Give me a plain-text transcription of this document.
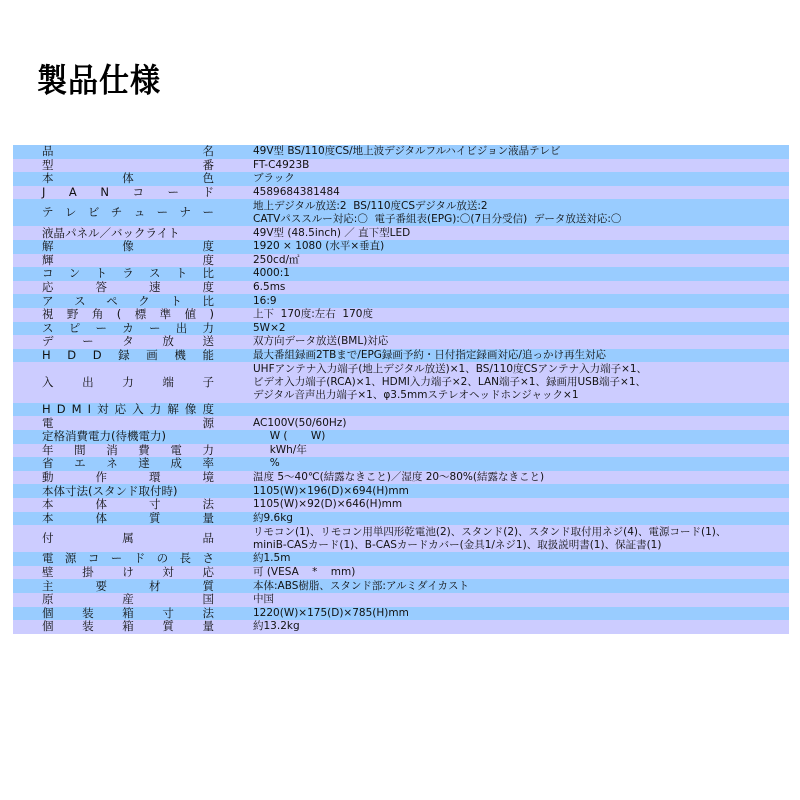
製品仕様
品	名	49V型 BS/110度CS/地上波デジタルフルハイビジョン液晶テレビ
型	番	FT-C4923B
本	体	色	ブラック
J A N コ ー ド	4589684381484
テ レ ビ チ ュ ー ナ ー	地上デジタル放送:2  BS/110度CSデジタル放送:2
CATVパススルー対応:〇  電子番組表(EPG):〇(7日分受信)  データ放送対応:〇
液晶パネル／バックライト	49V型 (48.5inch) ／ 直下型LED
解	像	度	1920 × 1080 (水平×垂直)
輝	度	250cd/㎡
コ ン ト ラ ス ト 比	4000:1
応	答	速	度	6.5ms
ア ス ペ ク ト 比	16:9
視 野 角 ( 標 準 値 )	上下  170度:左右  170度
ス ピ ー カ ー 出 力	5W×2
デ ー タ 放 送	双方向データ放送(BML)対応
H D D 録 画 機 能	最大番組録画2TBまで/EPG録画予約・日付指定録画対応/追っかけ再生対応
入 出 力 端 子
UHFアンテナ入力端子(地上デジタル放送)×1、BS/110度CSアンテナ入力端子×1、
ビデオ入力端子(RCA)×1、HDMI入力端子×2、LAN端子×1、録画用USB端子×1、
デジタル音声出力端子×1、φ3.5mmステレオヘッドホンジャック×1
H D M I 対 応 入 力 解 像 度
電	源	AC100V(50/60Hz)
定格消費電力(待機電力)	W (       W)
年 間 消 費 電 力	kWh/年
省 エ ネ 達 成 率	%
動	作	環	境	温度 5～40℃(結露なきこと)／湿度 20～80%(結露なきこと)
本体寸法(スタンド取付時)	1105(W)×196(D)×694(H)mm
本	体	寸	法	1105(W)×92(D)×646(H)mm
本	体	質	量	約9.6kg
付	属	品	リモコン(1)、リモコン用単四形乾電池(2)、スタンド(2)、スタンド取付用ネジ(4)、電源コード(1)、
miniB-CASカード(1)、B-CASカードカバー(金具1/ネジ1)、取扱説明書(1)、保証書(1)
電 源 コ ー ド の 長 さ	約1.5m
壁 掛 け 対 応	可 (VESA    *    mm)
主	要	材	質	本体:ABS樹脂、スタンド部:アルミダイカスト
原	産	国	中国
個 装 箱 寸 法	1220(W)×175(D)×785(H)mm
個 装 箱 質 量	約13.2kg
